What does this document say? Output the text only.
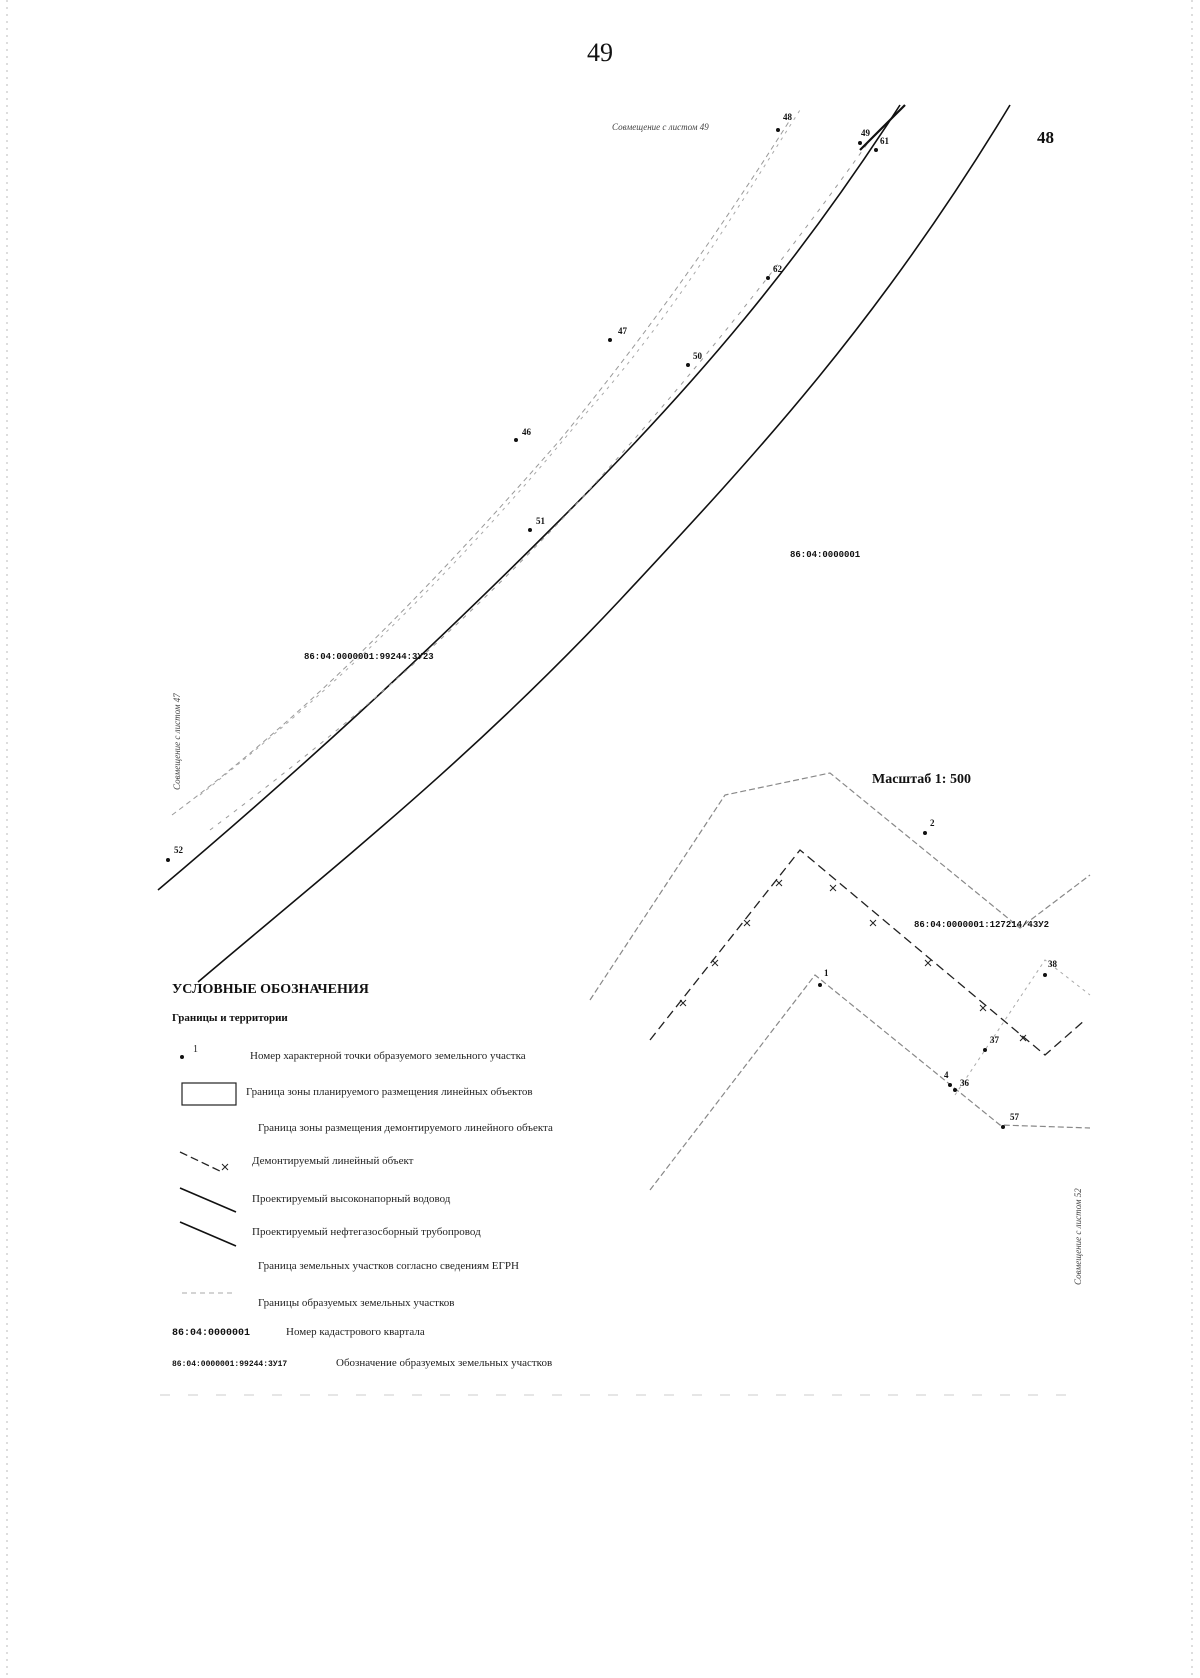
49
48
Совмещение с листом 49
Совмещение с листом 47
Совмещение с листом 52
48
49
61
62
47
50
46
51
52
2
1
38
37
4
36
57
86:04:0000001
86:04:0000001:99244:3У23
86:04:0000001:127214/43У2
Масштаб 1: 500
УСЛОВНЫЕ ОБОЗНАЧЕНИЯ
Границы и территории
1
Номер характерной точки образуемого земельного участка
Граница зоны планируемого размещения линейных объектов
Граница зоны размещения демонтируемого линейного объекта
Демонтируемый линейный объект
Проектируемый высоконапорный водовод
Проектируемый нефтегазосборный трубопровод
Граница земельных участков согласно сведениям ЕГРН
Границы образуемых земельных участков
86:04:0000001	Номер кадастрового квартала
86:04:0000001:99244:3У17	Обозначение образуемых земельных участков
